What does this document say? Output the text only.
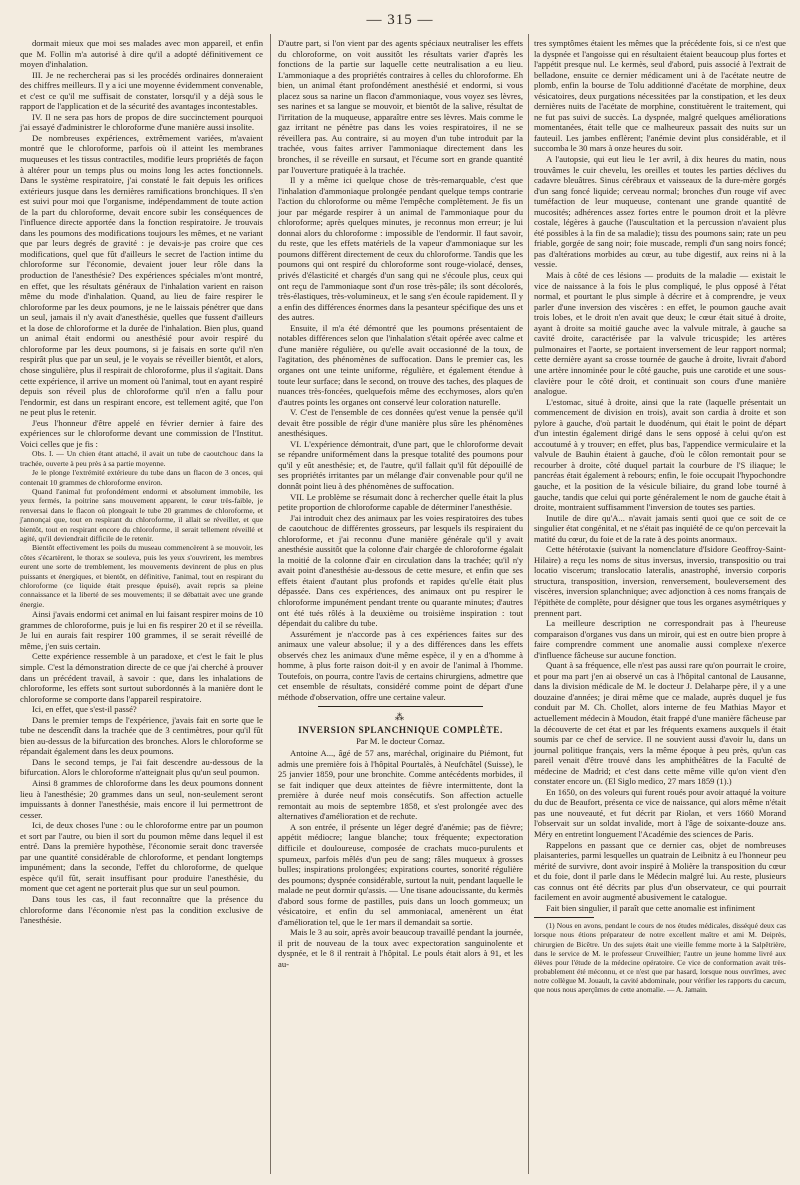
— 315 —

dormait mieux que moi ses malades avec mon appareil, et enfin que M. Follin m'a autorisé à dire qu'il a adopté définitivement ce moyen d'inhalation.

III. Je ne rechercherai pas si les procédés ordinaires donneraient des chiffres meilleurs. Il y a ici une moyenne évidemment convenable, et c'est ce qu'il me suffisait de constater, lorsqu'il y a déjà sous le rapport de l'application et de la sécurité des avantages incontestables.

IV. Il ne sera pas hors de propos de dire succinctement pourquoi j'ai essayé d'administrer le chloroforme d'une manière aussi insolite.

De nombreuses expériences, extrêmement variées, m'avaient montré que le chloroforme, parfois où il atteint les membranes muqueuses et les tissus contractiles, modifie leurs propriétés de façon à altérer pour un temps plus ou moins long les actes fonctionnels. Dans le système respiratoire, j'ai constaté le fait depuis les orifices extérieurs jusque dans les dernières ramifications bronchiques. Il s'en est suivi pour moi que l'organisme, indépendamment de toute action de la part du chloroforme, devait encore subir les conséquences de l'influence directe apportée dans la fonction respiratoire. Je trouvais dans les poumons des modifications toujours les mêmes, et ne variant que par leurs degrés de gravité : je devais-je pas croire que ces modifications, quel que fût d'ailleurs le secret de l'action intime du chloroforme sur l'économie, devaient jouer leur rôle dans la production de l'anesthésie? Des expériences spéciales m'ont montré, en effet, que les résultats généraux de l'inhalation varient en raison même du mode d'inhalation. Quand, au lieu de faire respirer le chloroforme par les deux poumons, je ne le laissais pénétrer que dans un seul, jamais il n'y avait d'anesthésie, quelles que fussent d'ailleurs et la dose de chloroforme et la durée de l'inhalation. Bien plus, quand un animal était endormi ou anesthésié pour avoir respiré du chloroforme par les deux poumons, si je faisais en sorte qu'il n'en respirât plus que par un seul, je le voyais se réveiller bientôt, et alors, chose singulière, plus il respirait de chloroforme, plus il s'agitait. Dans cette expérience, il arrive un moment où l'animal, tout en ayant respiré depuis son réveil plus de chloroforme qu'il n'en a fallu pour l'endormir, est dans un respirant encore, est tellement agité, que l'on ne peut plus le retenir.

J'eus l'honneur d'être appelé en février dernier à faire des expériences sur le chloroforme devant une commission de l'Institut. Voici celles que je fis :

Obs. I. — Un chien étant attaché, il avait un tube de caoutchouc dans la trachée, ouverte à peu près à sa partie moyenne.

Je le plonge l'extrémité extérieure du tube dans un flacon de 3 onces, qui contenait 10 grammes de chloroforme environ.

Quand l'animal fut profondément endormi et absolument immobile, les yeux fermés, la poitrine sans mouvement apparent, le cœur très-faible, je renversai dans le flacon où plongeait le tube 20 grammes de chloroforme, et j'annonçai que, tout en respirant du chloroforme, il allait se réveiller, et que bientôt, tout en respirant encore du chloroforme, il serait tellement réveillé et agité, qu'il deviendrait difficile de le retenir.

Bientôt effectivement les poils du museau commencèrent à se mouvoir, les côtes s'écartèrent, le thorax se souleva, puis les yeux s'ouvrirent, les membres eurent une sorte de tremblement, les mouvements devinrent de plus en plus puissants et énergiques, et bientôt, en définitive, l'animal, tout en respirant du chloroforme (ce liquide était presque épuisé), avait repris sa pleine connaissance et la liberté de ses mouvements; il se débattait avec une grande énergie.

Ainsi j'avais endormi cet animal en lui faisant respirer moins de 10 grammes de chloroforme, puis je lui en fis respirer 20 et il se réveilla. Je lui en aurais fait respirer 100 grammes, il se serait réveillé de même, j'en suis certain.

Cette expérience ressemble à un paradoxe, et c'est le fait le plus simple. C'est la démonstration directe de ce que j'ai cherché à prouver dans un précédent travail, à savoir : que, dans les inhalations de chloroforme, les effets sont surtout subordonnés à la manière dont le chloroforme se comporte dans l'appareil respiratoire.

Ici, en effet, que s'est-il passé?

Dans le premier temps de l'expérience, j'avais fait en sorte que le tube ne descendît dans la trachée que de 3 centimètres, pour qu'il fût bien au-dessus de la bifurcation des bronches. Alors le chloroforme se répandait également dans les deux poumons.

Dans le second temps, je l'ai fait descendre au-dessous de la bifurcation. Alors le chloroforme n'atteignait plus qu'un seul poumon.

Ainsi 8 grammes de chloroforme dans les deux poumons donnent lieu à l'anesthésie; 20 grammes dans un seul, non-seulement seront impuissants à donner l'anesthésie, mais encore il lui permettront de cesser.

Ici, de deux choses l'une : ou le chloroforme entre par un poumon et sort par l'autre, ou bien il sort du poumon même dans lequel il est entré. Dans la première hypothèse, l'économie serait donc traversée par une quantité considérable de chloroforme, et pendant longtemps impunément; dans la seconde, l'effet du chloroforme, de quelque espèce qu'il fût, serait insuffisant pour produire l'anesthésie, du moment que cet agent ne porterait plus que sur un seul poumon.

Dans tous les cas, il faut reconnaître que la présence du chloroforme dans l'économie n'est pas la condition exclusive de l'anesthésie.

D'autre part, si l'on vient par des agents spéciaux neutraliser les effets du chloroforme, on voit aussitôt les résultats varier d'après les fonctions de la partie sur laquelle cette neutralisation a eu lieu. L'ammoniaque a des propriétés contraires à celles du chloroforme. Eh bien, un animal étant profondément anesthésié et endormi, si vous placez sous sa narine un flacon d'ammoniaque, vous voyez ses lèvres, ses narines et sa langue se mouvoir, et bientôt de la salive, résultat de l'irritation de la muqueuse, apparaître entre ses lèvres. Mais comme le gaz irritant ne pénètre pas dans les voies respiratoires, il ne se réveillera pas. Au contraire, si au moyen d'un tube introduit par la trachée, vous faites arriver l'ammoniaque directement dans les bronches, il se réveille en sursaut, et l'écume sort en grande quantité par l'ouverture pratiquée à la trachée.

Il y a même ici quelque chose de très-remarquable, c'est que l'inhalation d'ammoniaque prolongée pendant quelque temps contrarie l'action du chloroforme ou même l'empêche complètement. Je fis un jour par mégarde respirer à un animal de l'ammoniaque pour du chloroforme; après quelques minutes, je reconnus mon erreur; je lui donnai alors du chloroforme : impossible de l'endormir. Il faut savoir, du reste, que les effets matériels de la vapeur d'ammoniaque sur les poumons diffèrent directement de ceux du chloroforme. Tandis que les poumons qui ont respiré du chloroforme sont rouge-violacé, denses, privés d'élasticité et chargés d'un sang qui ne s'écoule plus, ceux qui ont reçu de l'ammoniaque sont d'un rose très-pâle; ils sont décolorés, très-élastiques, très-volumineux, et le sang s'en écoule rapidement. Il y a enfin des différences énormes dans la pesanteur spécifique des uns et des autres.

Ensuite, il m'a été démontré que les poumons présentaient de notables différences selon que l'inhalation s'était opérée avec calme et d'une manière régulière, ou qu'elle avait occasionné de la toux, de l'agitation, des phénomènes de suffocation. Dans le premier cas, les organes ont une teinte uniforme, régulière, et également étendue à toute leur surface; dans le second, on trouve des taches, des plaques de nuances très-foncées, quelquefois même des ecchymoses, alors qu'en d'autres points les organes ont conservé leur coloration naturelle.

V. C'est de l'ensemble de ces données qu'est venue la pensée qu'il devait être possible de régir d'une manière plus sûre les phénomènes anesthésiques.

VI. L'expérience démontrait, d'une part, que le chloroforme devait se répandre uniformément dans la presque totalité des poumons pour qu'il y eût anesthésie; et, de l'autre, qu'il fallait qu'il fût dépouillé de ses propriétés irritantes par un mélange d'air convenable pour qu'il ne donnât point lieu à des phénomènes de suffocation.

VII. Le problème se résumait donc à rechercher quelle était la plus petite proportion de chloroforme capable de déterminer l'anesthésie.

J'ai introduit chez des animaux par les voies respiratoires des tubes de caoutchouc de différentes grosseurs, par lesquels ils respiraient du chloroforme, et j'ai reconnu d'une manière générale qu'il y avait anesthésie aussitôt que la colonne d'air chargée de chloroforme égalait la moitié de la colonne d'air en circulation dans la trachée; qu'il n'y avait point d'anesthésie au-dessous de cette mesure, et enfin que ses effets étaient d'autant plus profonds et rapides qu'elle était plus dépassée. Dans ces expériences, des animaux ont pu respirer le chloroforme impunément pendant trente ou quarante minutes; d'autres ont été tués rôlés à la deuxième ou troisième inspiration : tout dépendait du calibre du tube.

Assurément je n'accorde pas à ces expériences faites sur des animaux une valeur absolue; il y a des différences dans les effets observés chez les animaux d'une même espèce, il y en a d'homme à homme, à plus forte raison doit-il y en avoir de l'animal à l'homme. Toutefois, on pourra, contre l'avis de certains chirurgiens, admettre que cet ensemble de résultats, considéré comme point de départ d'une méthode d'observation, offre une certaine valeur.

⁂

INVERSION SPLANCHNIQUE COMPLÈTE.

Par M. le docteur Cornaz.

Antoine A..., âgé de 57 ans, maréchal, originaire du Piémont, fut admis une première fois à l'hôpital Pourtalès, à Neufchâtel (Suisse), le 25 janvier 1859, pour une bronchite. Comme antécédents morbides, il se fait indiquer que deux atteintes de fièvre intermittente, dont la première à durée neuf mois consécutifs. Son affection actuelle remontait au mois de septembre 1858, et s'est prolongée avec des alternatives d'amélioration et de rechute.

A son entrée, il présente un léger degré d'anémie; pas de fièvre; appétit médiocre; langue blanche; toux fréquente; expectoration difficile et douloureuse, composée de crachats muco-purulents et spumeux, parfois mêlés d'un peu de sang; râles muqueux à grosses bulles; inspirations prolongées; expirations courtes, sonorité régulière des poumons; dyspnée considérable, surtout la nuit, pendant laquelle le malade ne peut dormir qu'assis. — Une tisane adoucissante, du kermès d'abord sous forme de pastilles, puis dans un looch gommeux; un vésicatoire, et enfin du sel ammoniacal, amenèrent un état d'amélioration tel, que le 1er mars il demandait sa sortie.

Mais le 3 au soir, après avoir beaucoup travaillé pendant la journée, il prit de nouveau de la toux avec expectoration sanguinolente et dyspnée, et le 8 il rentrait à l'hôpital. Le pouls était alors à 91, et les au-

tres symptômes étaient les mêmes que la précédente fois, si ce n'est que la dyspnée et l'angoisse qui en résultaient étaient beaucoup plus fortes et l'appétit presque nul. Le kermès, seul d'abord, puis associé à l'extrait de belladone, ensuite ce dernier médicament uni à de l'acétate neutre de plomb, enfin la bourse de Tolu additionné d'acétate de morphine, deux vésicatoires, deux purgations nécessitées par la constipation, et les deux dernières nuits de l'acétate de morphine, constituèrent le traitement, qui ne fut pas suivi de succès. La dyspnée, malgré quelques améliorations momentanées, était telle que ce malheureux passait des nuits sur un fauteuil. Les jambes enflèrent; l'anémie devint plus considérable, et il succomba le 30 mars à onze heures du soir.

A l'autopsie, qui eut lieu le 1er avril, à dix heures du matin, nous trouvâmes le cuir chevelu, les oreilles et toutes les parties déclives du cadavre bleuâtres. Sinus cérébraux et vaisseaux de la dure-mère gorgés d'un sang foncé liquide; cerveau normal; bronches d'un rouge vif avec tuméfaction de leur muqueuse, contenant une grande quantité de mucosités; adhérences assez fortes entre le poumon droit et la plèvre costale, légères à gauche (l'auscultation et la percussion n'avaient plus été possibles à la fin de sa maladie); tissu des poumons sain; rate un peu friable, gorgée de sang noir; foie muscade, rempli d'un sang noirs foncé; pas d'altérations morbides au cœur, au tube digestif, aux reins ni à la vessie.

Mais à côté de ces lésions — produits de la maladie — existait le vice de naissance à la fois le plus compliqué, le plus opposé à l'état normal, et pourtant le plus simple à décrire et à comprendre, je veux parler d'une inversion des viscères : en effet, le poumon gauche avait trois lobes, et le droit n'en avait que deux; le cœur était situé à droite, ayant à droite sa moitié gauche avec la valvule mitrale, à gauche sa cavité droite, caractérisée par la valvule tricuspide; les artères pulmonaires et l'aorte, se portaient inversement de leur rapport normal; cette dernière ayant sa crosse tournée de gauche à droite, livrait d'abord une artère innominée pour le côté gauche, puis une carotide et une sous-clavière pour le côté droit, et continuait son cours d'une manière analogue.

L'estomac, situé à droite, ainsi que la rate (laquelle présentait un commencement de division en trois), avait son cardia à droite et son pylore à gauche, d'où partait le duodénum, qui était le point de départ d'un intestin également dirigé dans le sens opposé à celui qu'on est accoutumé à y trouver; en effet, plus bas, l'appendice vermiculaire et la valvule de Bauhin étaient à gauche, d'où le côlon remontait pour se recourber à droite, côté duquel partait la courbure de l'S iliaque; le pancréas était également à rebours; enfin, le foie occupait l'hypochondre gauche, et la position de la vésicule biliaire, du grand lobe tourné à gauche, tandis que celui qui porte généralement le nom de gauche était à droite, montraient suffisamment l'inversion de toutes ses parties.

Inutile de dire qu'A... n'avait jamais senti quoi que ce soit de ce singulier état congénital, et ne s'était pas inquiété de ce qu'on percevait la matité du cœur, du foie et de la rate à des points anormaux.

Cette hétérotaxie (suivant la nomenclature d'Isidore Geoffroy-Saint-Hilaire) a reçu les noms de situs inversus, inversio, transpositio ou trai locatio viscerum; translocatio lateralis, anastrophé, inversio corporis structura, transposition, inversion, renversement, bouleversement des viscères, inversion splanchnique; avec adjonction à ces noms français de l'épithète de complète, pour désigner que tous les organes asymétriques y prennent part.

La meilleure description ne correspondrait pas à l'heureuse comparaison d'organes vus dans un miroir, qui est en outre bien propre à faire comprendre comment une anomalie aussi complexe n'exerce d'influence fâcheuse sur aucune fonction.

Quant à sa fréquence, elle n'est pas aussi rare qu'on pourrait le croire, et pour ma part j'en ai observé un cas à l'hôpital cantonal de Lausanne, dans la division médicale de M. le docteur J. Delaharpe père, il y a une douzaine d'années; je dirai même que ce malade, auprès duquel je fus conduit par M. Ch. Chollet, alors interne de feu Mathias Mayor et actuellement médecin à Moudon, était frappé d'une manière fâcheuse par la découverte de cet état et par les fréquents examens auxquels il était soumis par ce chef de service. Il ne souvient aussi d'avoir lu, dans un journal politique français, vers la même époque à peu près, qu'un cas pareil venait d'être trouvé dans les amphithéâtres de la Faculté de médecine de Madrid; et c'est dans cette même ville qu'on vient d'en constater encore un. (El Siglo medico, 27 mars 1859 (1).)

En 1650, on des voleurs qui furent roués pour avoir attaqué la voiture du duc de Beaufort, présenta ce vice de naissance, qui alors même n'était pas une nouveauté, et fut décrit par Riolan, et vers 1660 Morand l'observait sur un soldat invalide, mort à l'âge de soixante-douze ans. Méry en entretint longuement l'Académie des sciences de Paris.

Rappelons en passant que ce dernier cas, objet de nombreuses plaisanteries, parmi lesquelles un quatrain de Leibnitz à eu l'honneur peu mérité de survivre, dont avoir inspiré à Molière la transposition du cœur et du foie, dont il parle dans le Médecin malgré lui. Au reste, plusieurs cas connus ont été décrits par plus d'un observateur, ce qui pourrait facilement en avoir augmenté abusivement le catalogue.

Fait bien singulier, il paraît que cette anomalie est infiniment

(1) Nous en avons, pendant le cours de nos études médicales, disséqué deux cas lorsque nous étions préparateur de notre excellent maître et ami M. Deiprès, chirurgien de Bicêtre. Un des sujets était une vieille femme morte à la Salpêtrière, dans le service de M. le professeur Cruveilhier; l'autre un jeune homme livré aux élèves pour l'étude de la médecine opératoire. Ce vice de conformation avait très-probablement été méconnu, et ce n'est que par hasard, lorsque nous ouvrîmes, avec notre collègue M. Jouault, la cavité abdominale, pour vérifier les rapports du cæcum, que nous nous aperçûmes de cette anomalie. — A. Jamain.
